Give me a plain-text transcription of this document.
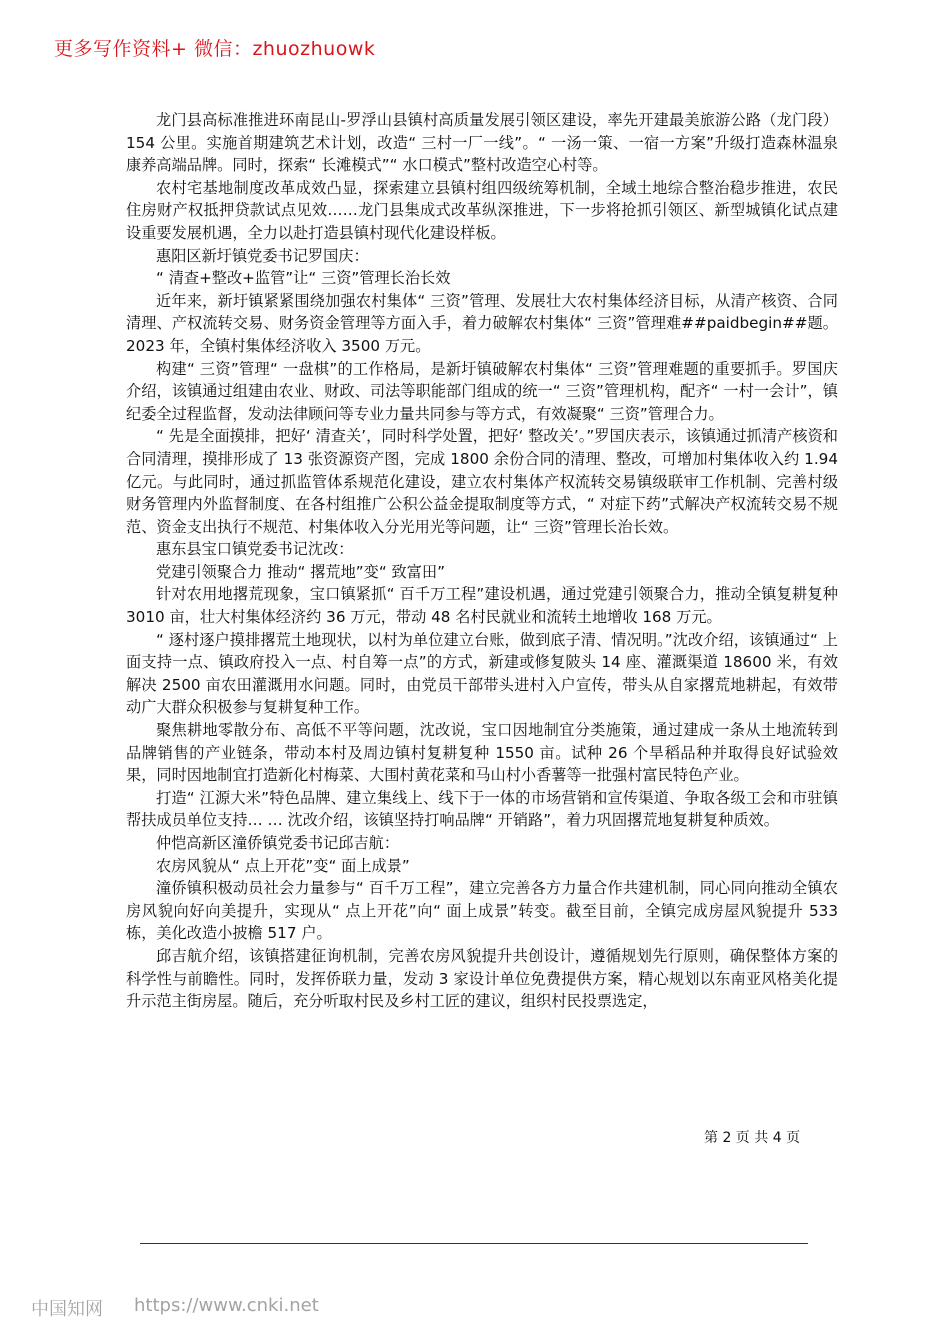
更多写作资料+ 微信：zhuozhuowk

龙门县高标准推进环南昆山-罗浮山县镇村高质量发展引领区建设，率先开建最美旅游公路（龙门段）154 公里。实施首期建筑艺术计划，改造“ 三村一厂一线”。“ 一汤一策、一宿一方案”升级打造森林温泉康养高端品牌。同时，探索“ 长滩模式”“ 水口模式”整村改造空心村等。

农村宅基地制度改革成效凸显，探索建立县镇村组四级统筹机制，全域土地综合整治稳步推进，农民住房财产权抵押贷款试点见效……龙门县集成式改革纵深推进，下一步将抢抓引领区、新型城镇化试点建设重要发展机遇，全力以赴打造县镇村现代化建设样板。

惠阳区新圩镇党委书记罗国庆：

“ 清查+整改+监管”让“ 三资”管理长治长效

近年来，新圩镇紧紧围绕加强农村集体“ 三资”管理、发展壮大农村集体经济目标，从清产核资、合同清理、产权流转交易、财务资金管理等方面入手，着力破解农村集体“ 三资”管理难##paidbegin##题。2023 年，全镇村集体经济收入 3500 万元。

构建“ 三资”管理“ 一盘棋”的工作格局，是新圩镇破解农村集体“ 三资”管理难题的重要抓手。罗国庆介绍，该镇通过组建由农业、财政、司法等职能部门组成的统一“ 三资”管理机构，配齐“ 一村一会计”，镇纪委全过程监督，发动法律顾问等专业力量共同参与等方式，有效凝聚“ 三资”管理合力。

“ 先是全面摸排，把好‘ 清查关’，同时科学处置，把好‘ 整改关’。”罗国庆表示，该镇通过抓清产核资和合同清理，摸排形成了 13 张资源资产图，完成 1800 余份合同的清理、整改，可增加村集体收入约 1.94 亿元。与此同时，通过抓监管体系规范化建设，建立农村集体产权流转交易镇级联审工作机制、完善村级财务管理内外监督制度、在各村组推广公积公益金提取制度等方式，“ 对症下药”式解决产权流转交易不规范、资金支出执行不规范、村集体收入分光用光等问题，让“ 三资”管理长治长效。

惠东县宝口镇党委书记沈改：

党建引领聚合力 推动“ 撂荒地”变“ 致富田”

针对农用地撂荒现象，宝口镇紧抓“ 百千万工程”建设机遇，通过党建引领聚合力，推动全镇复耕复种 3010 亩，壮大村集体经济约 36 万元，带动 48 名村民就业和流转土地增收 168 万元。

“ 逐村逐户摸排撂荒土地现状，以村为单位建立台账，做到底子清、情况明。”沈改介绍，该镇通过“ 上面支持一点、镇政府投入一点、村自筹一点”的方式，新建或修复陂头 14 座、灌溉渠道 18600 米，有效解决 2500 亩农田灌溉用水问题。同时，由党员干部带头进村入户宣传，带头从自家撂荒地耕起，有效带动广大群众积极参与复耕复种工作。

聚焦耕地零散分布、高低不平等问题，沈改说，宝口因地制宜分类施策，通过建成一条从土地流转到品牌销售的产业链条，带动本村及周边镇村复耕复种 1550 亩。试种 26 个旱稻品种并取得良好试验效果，同时因地制宜打造新化村梅菜、大围村黄花菜和马山村小香薯等一批强村富民特色产业。

打造“ 江源大米”特色品牌、建立集线上、线下于一体的市场营销和宣传渠道、争取各级工会和市驻镇帮扶成员单位支持… … 沈改介绍，该镇坚持打响品牌“ 开销路”，着力巩固撂荒地复耕复种质效。

仲恺高新区潼侨镇党委书记邱吉航：

农房风貌从“ 点上开花”变“ 面上成景”

潼侨镇积极动员社会力量参与“ 百千万工程”，建立完善各方力量合作共建机制，同心同向推动全镇农房风貌向好向美提升，实现从“ 点上开花”向“ 面上成景”转变。截至目前，全镇完成房屋风貌提升 533 栋，美化改造小披檐 517 户。

邱吉航介绍，该镇搭建征询机制，完善农房风貌提升共创设计，遵循规划先行原则，确保整体方案的科学性与前瞻性。同时，发挥侨联力量，发动 3 家设计单位免费提供方案，精心规划以东南亚风格美化提升示范主街房屋。随后，充分听取村民及乡村工匠的建议，组织村民投票选定，

第 2 页 共 4 页
中国知网 https://www.cnki.net
